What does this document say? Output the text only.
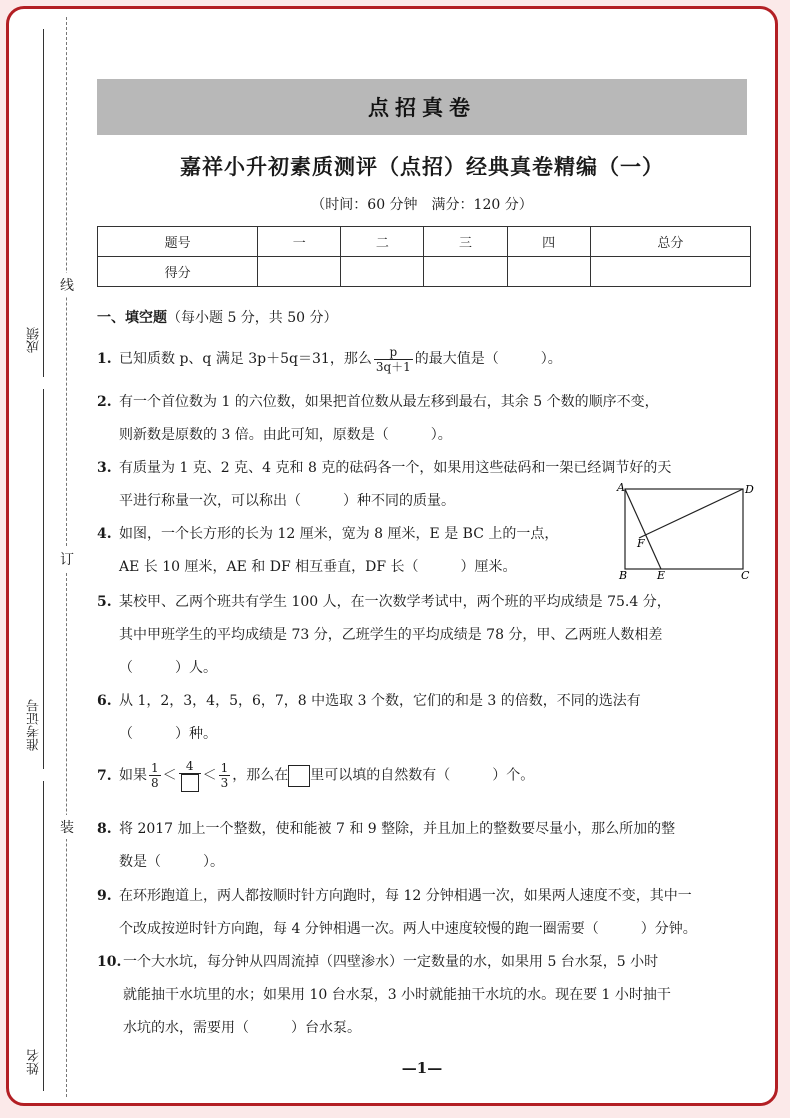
线
订
装
成绩
准考证号
姓名
点招真卷
嘉祥小升初素质测评（点招）经典真卷精编（一）
（时间：60 分钟　满分：120 分）
题号	一	二	三	四	总分
得分					
一、填空题（每小题 5 分，共 50 分）
1. 已知质数 p、q 满足 3p＋5q＝31，那么 $\frac{p}{3q+1}$ 的最大值是（　　　）。
2. 有一个首位数为 1 的六位数，如果把首位数从最左移到最右，其余 5 个数的顺序不变，
则新数是原数的 3 倍。由此可知，原数是（　　　）。
3. 有质量为 1 克、2 克、4 克和 8 克的砝码各一个，如果用这些砝码和一架已经调节好的天
平进行称量一次，可以称出（　　　）种不同的质量。
4. 如图，一个长方形的长为 12 厘米，宽为 8 厘米，E 是 BC 上的一点，
AE 长 10 厘米，AE 和 DF 相互垂直，DF 长（　　　）厘米。
A	D
F
B	E	C
5. 某校甲、乙两个班共有学生 100 人，在一次数学考试中，两个班的平均成绩是 75.4 分，
其中甲班学生的平均成绩是 73 分，乙班学生的平均成绩是 78 分，甲、乙两班人数相差
（　　　）人。
6. 从 1，2，3，4，5，6，7，8 中选取 3 个数，它们的和是 3 的倍数，不同的选法有
（　　　）种。
7. 如果 $\frac{1}{8}$ ＜
4
＜ $\frac{1}{3}$ ，那么在 里可以填的自然数有（　　　）个。
8. 将 2017 加上一个整数，使和能被 7 和 9 整除，并且加上的整数要尽量小，那么所加的整
数是（　　　）。
9. 在环形跑道上，两人都按顺时针方向跑时，每 12 分钟相遇一次，如果两人速度不变，其中一
个改成按逆时针方向跑，每 4 分钟相遇一次。两人中速度较慢的跑一圈需要（　　　）分钟。
10. 一个大水坑，每分钟从四周流掉（四壁渗水）一定数量的水，如果用 5 台水泵，5 小时
就能抽干水坑里的水；如果用 10 台水泵，3 小时就能抽干水坑的水。现在要 1 小时抽干
水坑的水，需要用（　　　）台水泵。
—1—
